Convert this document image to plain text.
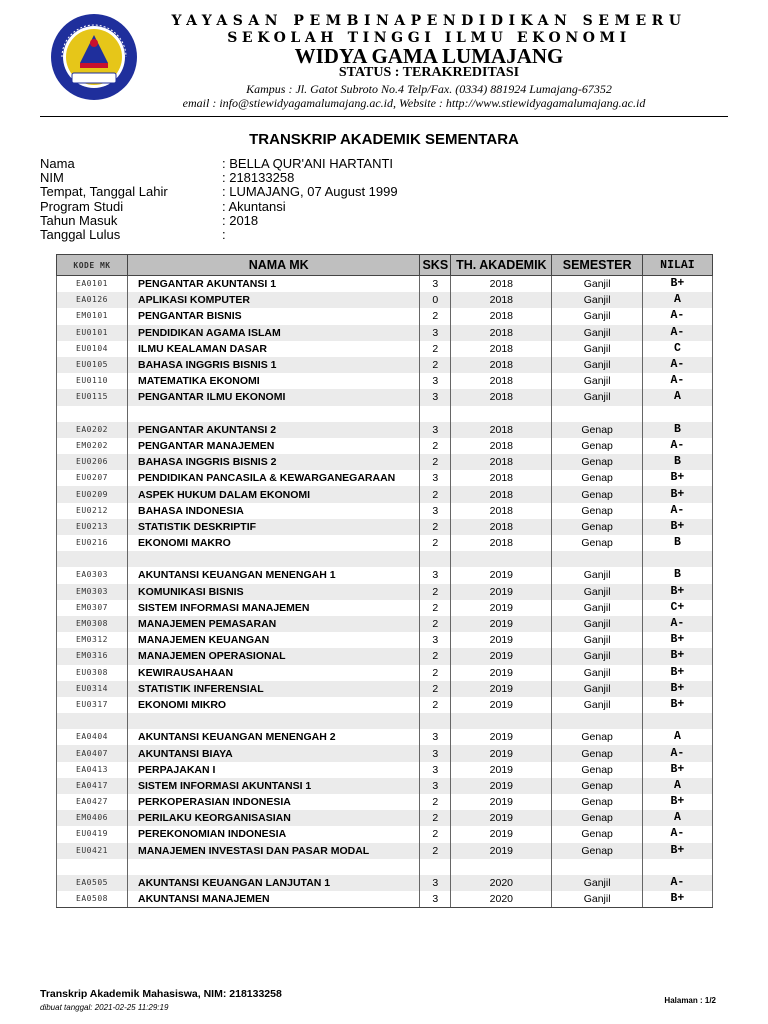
YAYASAN PEMBINAPENDIDIKAN SEMERU
SEKOLAH TINGGI ILMU EKONOMI
WIDYA GAMA LUMAJANG
STATUS : TERAKREDITASI
Kampus : Jl. Gatot Subroto No.4 Telp/Fax. (0334) 881924 Lumajang-67352
email : info@stiewidyagamalumajang.ac.id, Website : http://www.stiewidyagamalumajang.ac.id
TRANSKRIP AKADEMIK SEMENTARA
Nama	: BELLA QUR'ANI HARTANTI
NIM	: 218133258
Tempat, Tanggal Lahir	: LUMAJANG, 07 August 1999
Program Studi	: Akuntansi
Tahun Masuk	: 2018
Tanggal Lulus	:
KODE MK	NAMA MK	SKS	TH. AKADEMIK	SEMESTER	NILAI
EA0101	PENGANTAR AKUNTANSI 1	3	2018	Ganjil	B+
EA0126	APLIKASI KOMPUTER	0	2018	Ganjil	A
EM0101	PENGANTAR BISNIS	2	2018	Ganjil	A-
EU0101	PENDIDIKAN AGAMA ISLAM	3	2018	Ganjil	A-
EU0104	ILMU KEALAMAN DASAR	2	2018	Ganjil	C
EU0105	BAHASA INGGRIS BISNIS 1	2	2018	Ganjil	A-
EU0110	MATEMATIKA EKONOMI	3	2018	Ganjil	A-
EU0115	PENGANTAR ILMU EKONOMI	3	2018	Ganjil	A

EA0202	PENGANTAR AKUNTANSI 2	3	2018	Genap	B
EM0202	PENGANTAR MANAJEMEN	2	2018	Genap	A-
EU0206	BAHASA INGGRIS BISNIS 2	2	2018	Genap	B
EU0207	PENDIDIKAN PANCASILA & KEWARGANEGARAAN	3	2018	Genap	B+
EU0209	ASPEK HUKUM DALAM EKONOMI	2	2018	Genap	B+
EU0212	BAHASA INDONESIA	3	2018	Genap	A-
EU0213	STATISTIK DESKRIPTIF	2	2018	Genap	B+
EU0216	EKONOMI MAKRO	2	2018	Genap	B

EA0303	AKUNTANSI KEUANGAN MENENGAH 1	3	2019	Ganjil	B
EM0303	KOMUNIKASI BISNIS	2	2019	Ganjil	B+
EM0307	SISTEM INFORMASI MANAJEMEN	2	2019	Ganjil	C+
EM0308	MANAJEMEN PEMASARAN	2	2019	Ganjil	A-
EM0312	MANAJEMEN KEUANGAN	3	2019	Ganjil	B+
EM0316	MANAJEMEN OPERASIONAL	2	2019	Ganjil	B+
EU0308	KEWIRAUSAHAAN	2	2019	Ganjil	B+
EU0314	STATISTIK INFERENSIAL	2	2019	Ganjil	B+
EU0317	EKONOMI MIKRO	2	2019	Ganjil	B+

EA0404	AKUNTANSI KEUANGAN MENENGAH 2	3	2019	Genap	A
EA0407	AKUNTANSI BIAYA	3	2019	Genap	A-
EA0413	PERPAJAKAN I	3	2019	Genap	B+
EA0417	SISTEM INFORMASI AKUNTANSI 1	3	2019	Genap	A
EA0427	PERKOPERASIAN INDONESIA	2	2019	Genap	B+
EM0406	PERILAKU KEORGANISASIAN	2	2019	Genap	A
EU0419	PEREKONOMIAN INDONESIA	2	2019	Genap	A-
EU0421	MANAJEMEN INVESTASI DAN PASAR MODAL	2	2019	Genap	B+

EA0505	AKUNTANSI KEUANGAN LANJUTAN 1	3	2020	Ganjil	A-
EA0508	AKUNTANSI MANAJEMEN	3	2020	Ganjil	B+
Transkrip Akademik Mahasiswa, NIM: 218133258
dibuat tanggal: 2021-02-25 11:29:19
Halaman : 1/2
